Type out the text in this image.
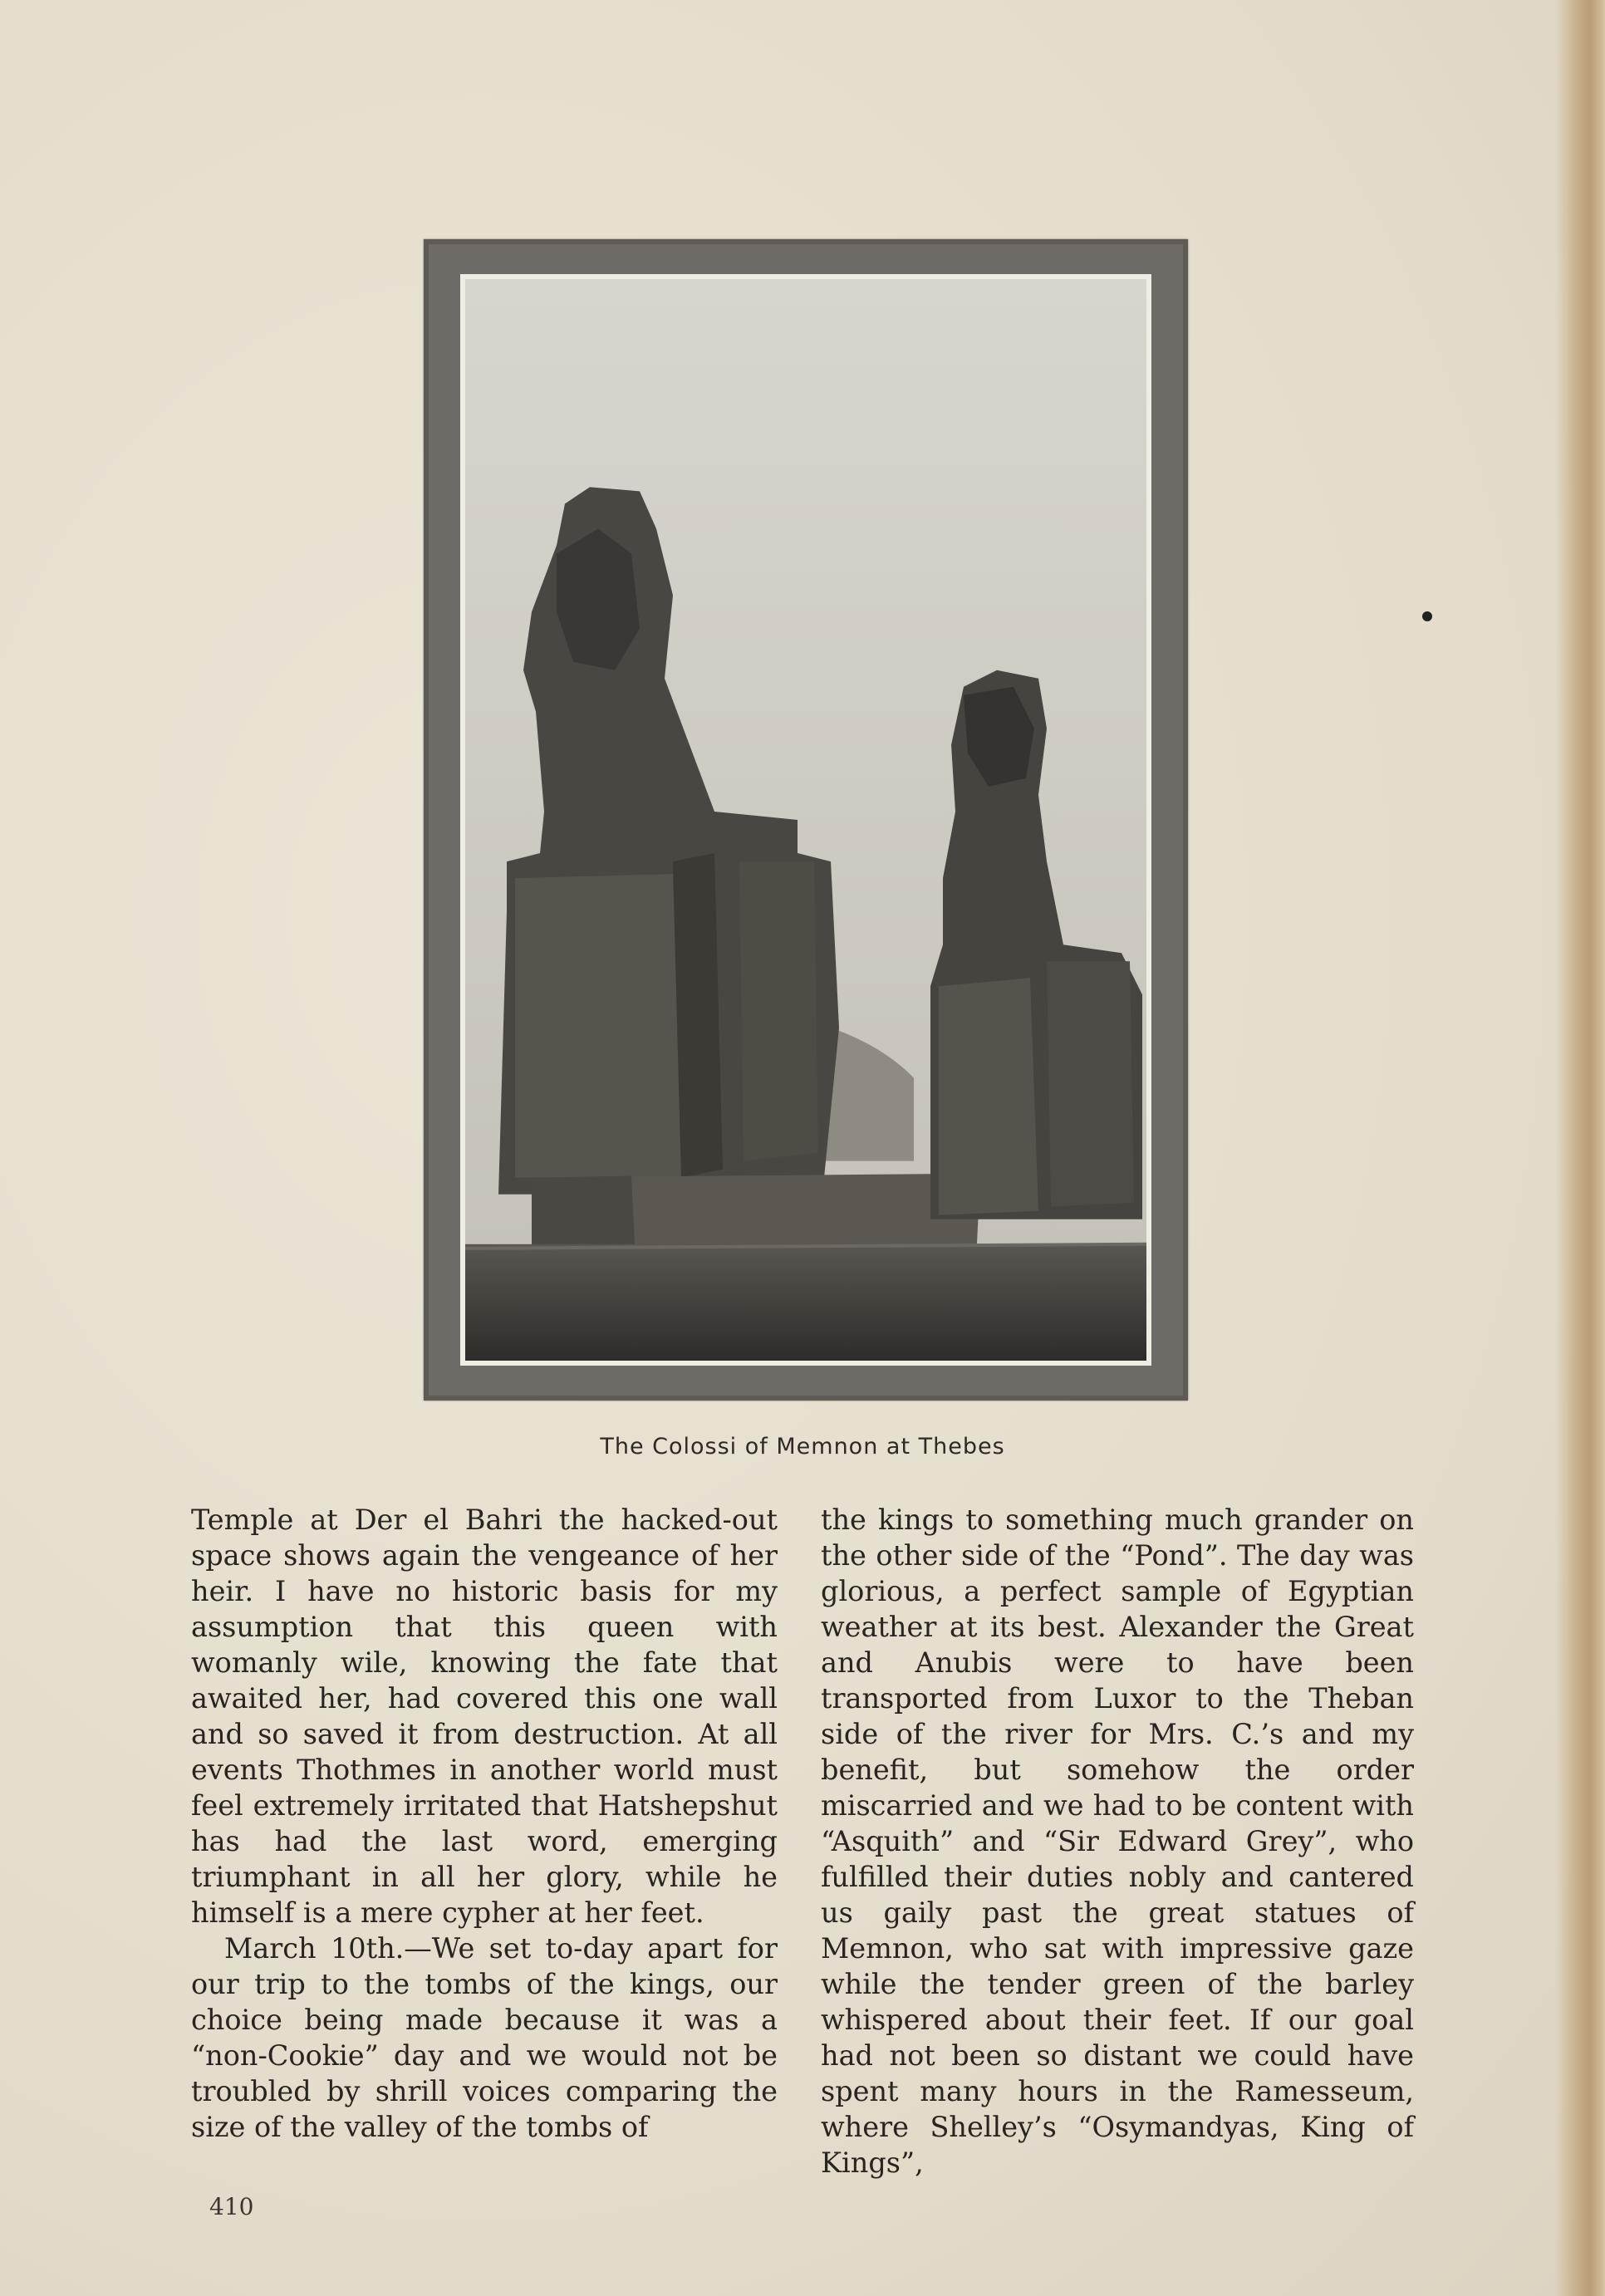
The Colossi of Memnon at Thebes

Temple at Der el Bahri the hacked-out space shows again the vengeance of her heir. I have no historic basis for my assumption that this queen with womanly wile, knowing the fate that awaited her, had covered this one wall and so saved it from destruction. At all events Thothmes in another world must feel extremely irritated that Hatshepshut has had the last word, emerging triumphant in all her glory, while he himself is a mere cypher at her feet.

March 10th.—We set to-day apart for our trip to the tombs of the kings, our choice being made because it was a “non-Cookie” day and we would not be troubled by shrill voices comparing the size of the valley of the tombs of

the kings to something much grander on the other side of the “Pond”. The day was glorious, a perfect sample of Egyptian weather at its best. Alexander the Great and Anubis were to have been transported from Luxor to the Theban side of the river for Mrs. C.’s and my benefit, but somehow the order miscarried and we had to be content with “Asquith” and “Sir Edward Grey”, who fulfilled their duties nobly and cantered us gaily past the great statues of Memnon, who sat with impressive gaze while the tender green of the barley whispered about their feet. If our goal had not been so distant we could have spent many hours in the Ramesseum, where Shelley’s “Osymandyas, King of Kings”,

410
